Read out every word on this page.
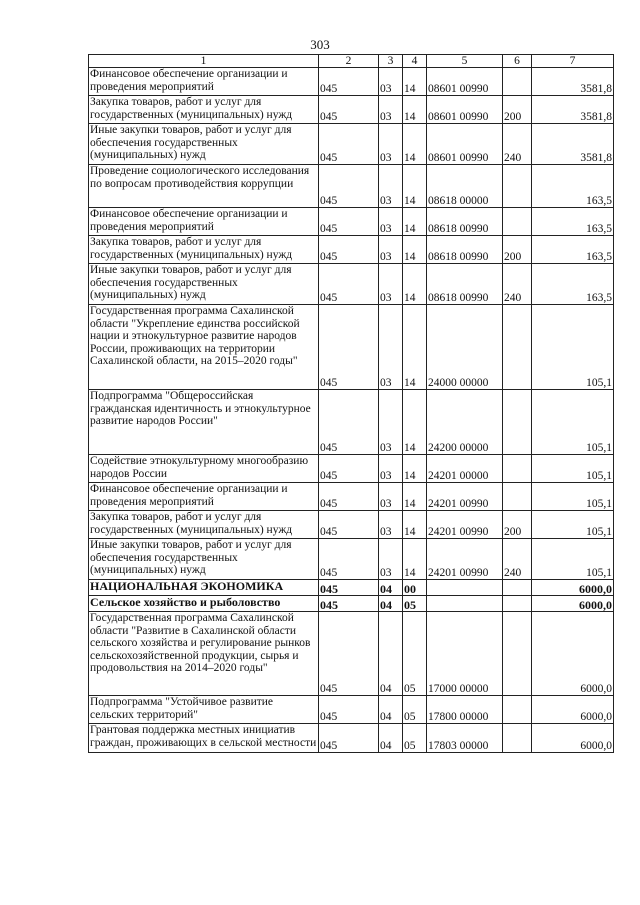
303
1	2	3	4	5	6	7
Финансовое обеспечение организации и проведения мероприятий	045	03	14	08601 00990		3581,8
Закупка товаров, работ и услуг для государственных (муниципальных) нужд	045	03	14	08601 00990	200	3581,8
Иные закупки товаров, работ и услуг для обеспечения государственных (муниципальных) нужд	045	03	14	08601 00990	240	3581,8
Проведение социологического исследования по вопросам противодействия коррупции	045	03	14	08618 00000		163,5
Финансовое обеспечение организации и проведения мероприятий	045	03	14	08618 00990		163,5
Закупка товаров, работ и услуг для государственных (муниципальных) нужд	045	03	14	08618 00990	200	163,5
Иные закупки товаров, работ и услуг для обеспечения государственных (муниципальных) нужд	045	03	14	08618 00990	240	163,5
Государственная программа Сахалинской области "Укрепление единства российской нации и этнокультурное развитие народов России, проживающих на территории Сахалинской области, на 2015–2020 годы"	045	03	14	24000 00000		105,1
Подпрограмма "Общероссийская гражданская идентичность и этнокультурное развитие народов России"	045	03	14	24200 00000		105,1
Содействие этнокультурному многообразию народов России	045	03	14	24201 00000		105,1
Финансовое обеспечение организации и проведения мероприятий	045	03	14	24201 00990		105,1
Закупка товаров, работ и услуг для государственных (муниципальных) нужд	045	03	14	24201 00990	200	105,1
Иные закупки товаров, работ и услуг для обеспечения государственных (муниципальных) нужд	045	03	14	24201 00990	240	105,1
НАЦИОНАЛЬНАЯ ЭКОНОМИКА	045	04	00			6000,0
Сельское хозяйство и рыболовство	045	04	05			6000,0
Государственная программа Сахалинской области "Развитие в Сахалинской области сельского хозяйства и регулирование рынков сельскохозяйственной продукции, сырья и продовольствия на 2014–2020 годы"	045	04	05	17000 00000		6000,0
Подпрограмма "Устойчивое развитие сельских территорий"	045	04	05	17800 00000		6000,0
Грантовая поддержка местных инициатив граждан, проживающих в сельской местности	045	04	05	17803 00000		6000,0
